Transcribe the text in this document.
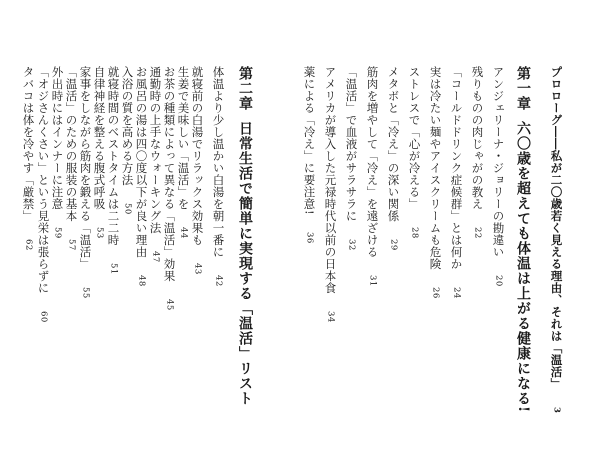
プロローグ――私が二〇歳若く見える理由、それは「温活」3
第一章六〇歳を超えても体温は上がる健康になる!
アンジェリーナ・ジョリーの勘違い20
残りものの肉じゃがの教え22
「コールドドリンク症候群」とは何か24
実は冷たい麺やアイスクリームも危険26
ストレスで「心が冷える」28
メタボと「冷え」の深い関係29
筋肉を増やして「冷え」を遠ざける31
「温活」で血液がサラサラに32
アメリカが導入した元禄時代以前の日本食34
薬による「冷え」に要注意!36
第二章日常生活で簡単に実現する「温活」リスト
体温より少し温かい白湯を朝一番に42
就寝前の白湯でリラックス効果も43
生姜で美味しい「温活」を44
お茶の種類によって異なる「温活」効果45
通勤時の上手なウォーキング法47
お風呂の湯は四〇度以下が良い理由48
入浴の質を高める方法50
就寝時間のベストタイムは二二時51
自律神経を整える腹式呼吸53
家事をしながら筋肉を鍛える「温活」55
「温活」のための服装の基本57
外出時にはインナーに注意59
「オジさんくさい」という見栄は張らずに60
タバコは体を冷やす「厳禁」62
